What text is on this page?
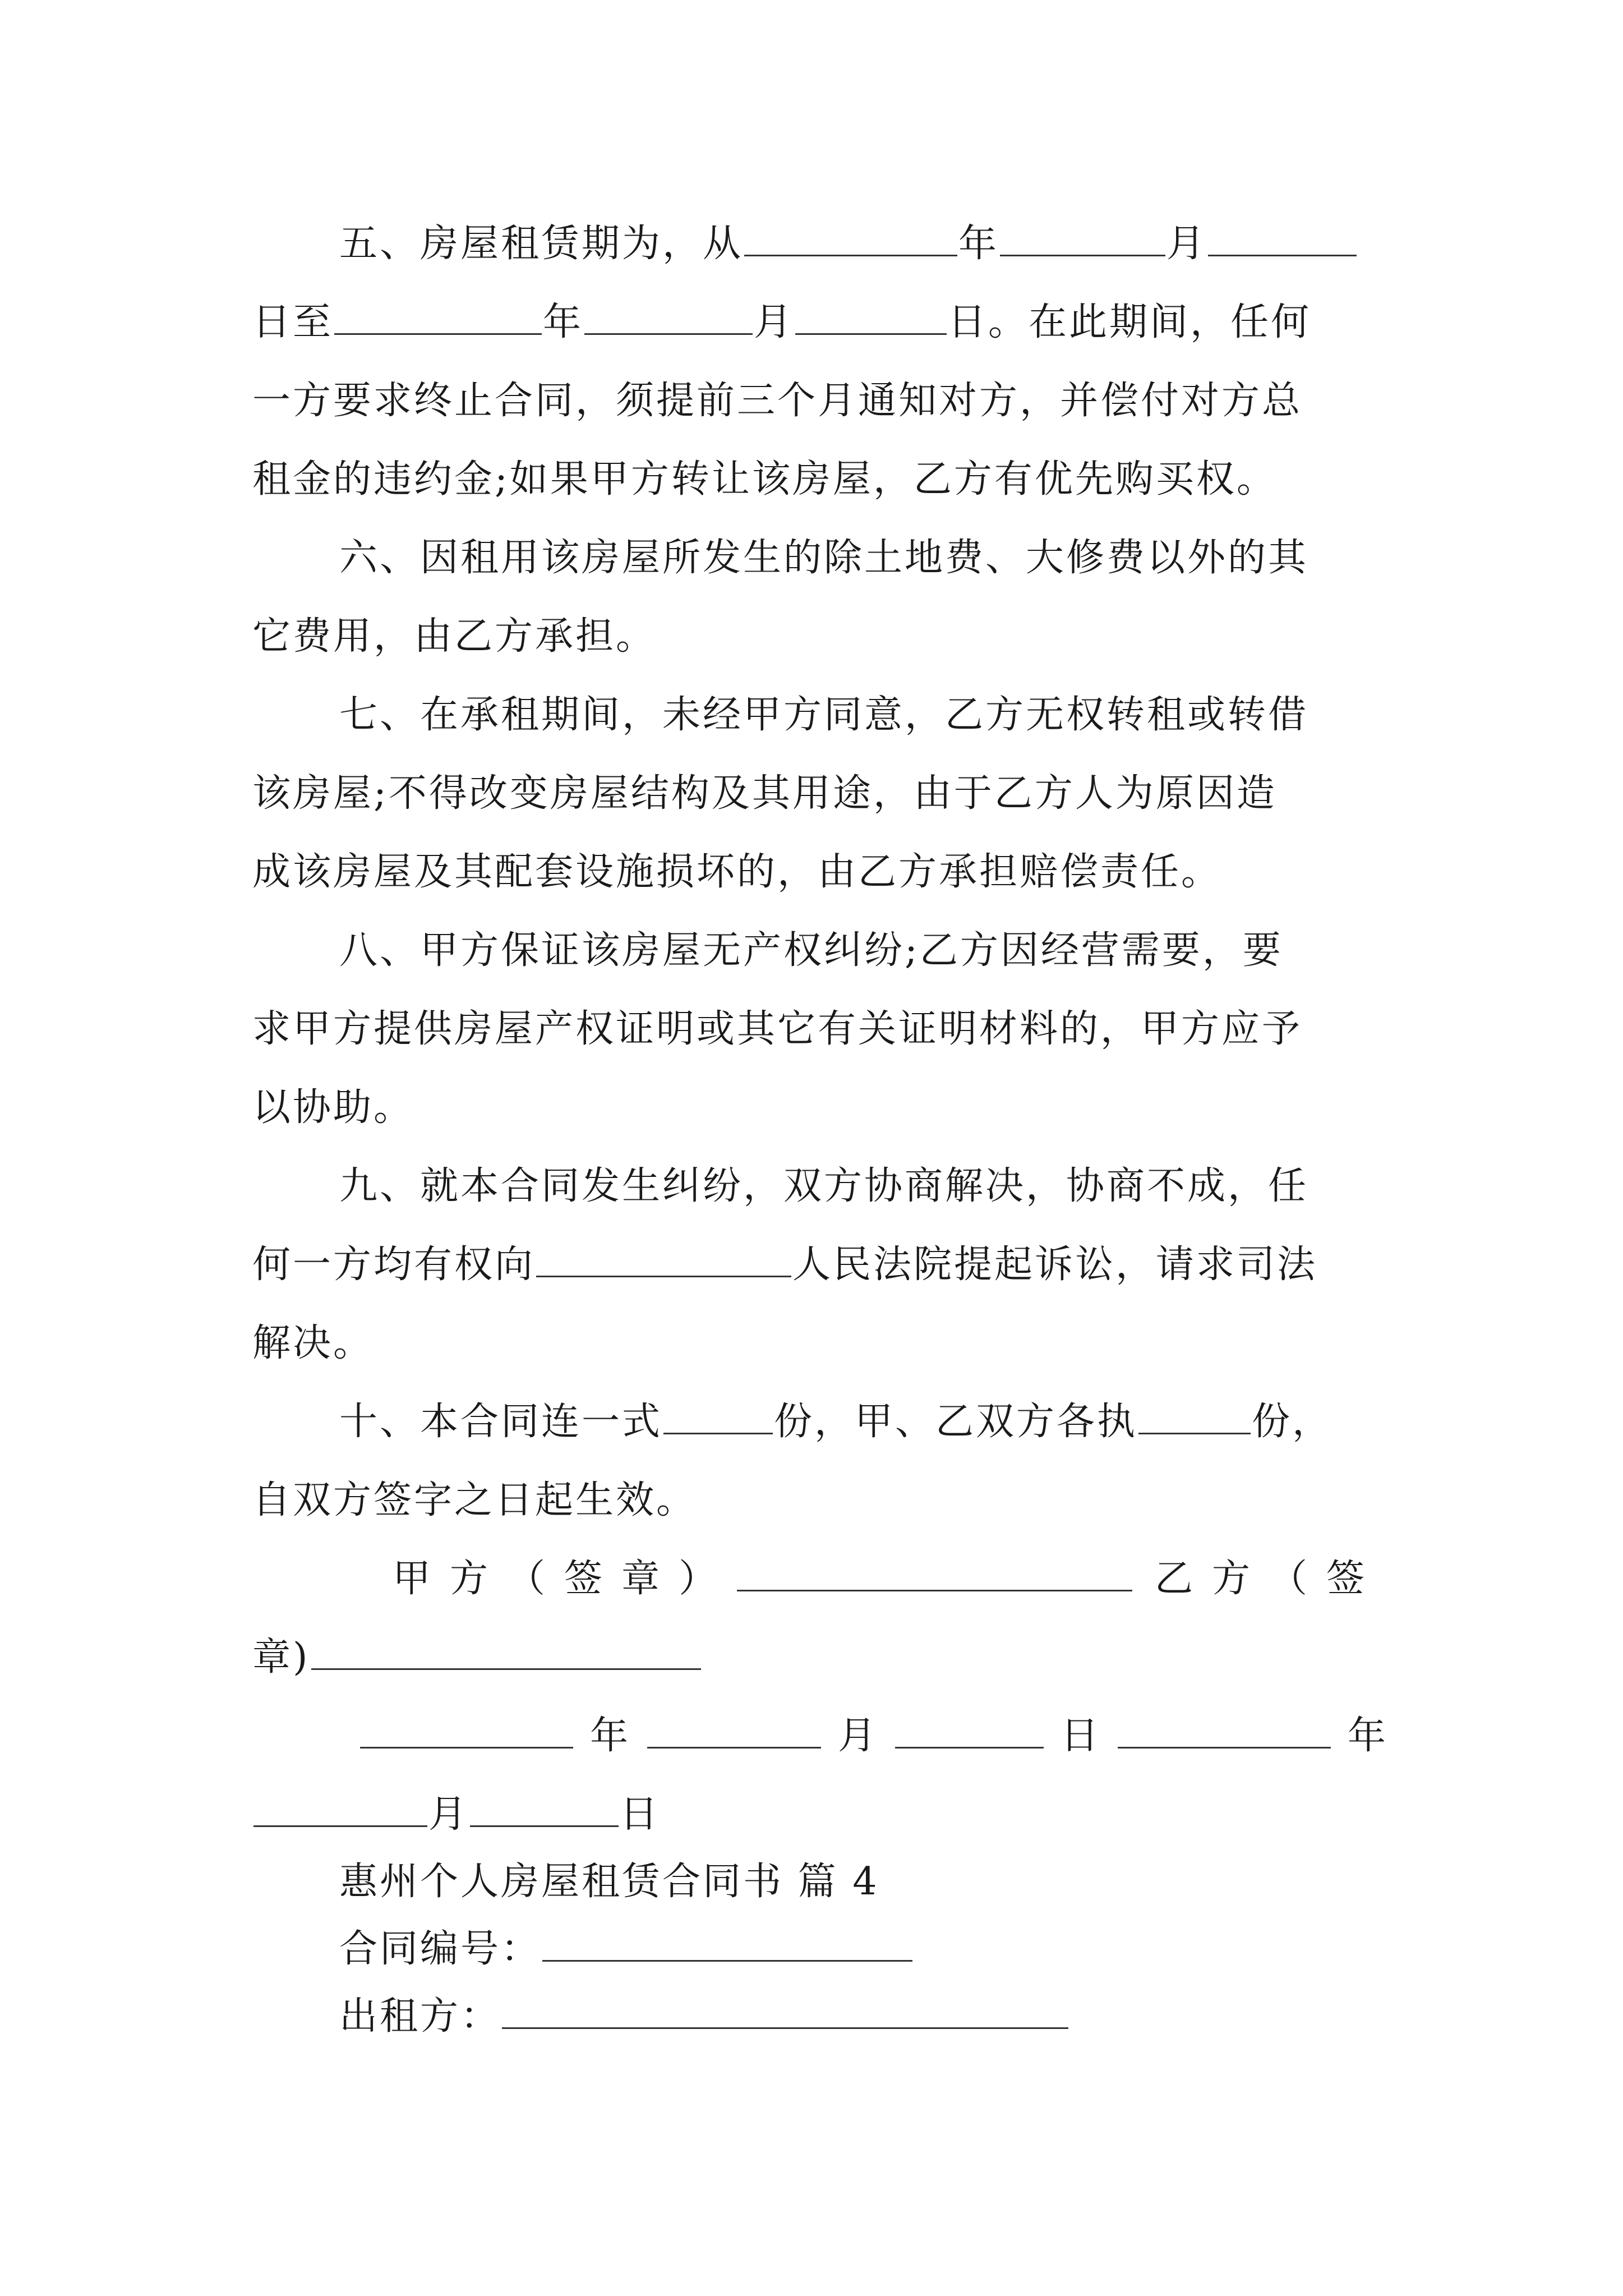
五、房屋租赁期为，从	年	月
日至	年	月	日。在此期间，任何
一方要求终止合同，须提前三个月通知对方，并偿付对方总
租金的违约金;如果甲方转让该房屋，乙方有优先购买权。
六、因租用该房屋所发生的除土地费、大修费以外的其
它费用，由乙方承担。
七、在承租期间，未经甲方同意，乙方无权转租或转借
该房屋;不得改变房屋结构及其用途，由于乙方人为原因造
成该房屋及其配套设施损坏的，由乙方承担赔偿责任。
八、甲方保证该房屋无产权纠纷;乙方因经营需要，要
求甲方提供房屋产权证明或其它有关证明材料的，甲方应予
以协助。
九、就本合同发生纠纷，双方协商解决，协商不成，任
何一方均有权向	人民法院提起诉讼，请求司法
解决。
十、本合同连一式	份，甲、乙双方各执	份，
自双方签字之日起生效。
甲方（签章）	乙方（签
章)
年	月	日	年
月	日
惠州个人房屋租赁合同书 篇 4
合同编号：
出租方：
